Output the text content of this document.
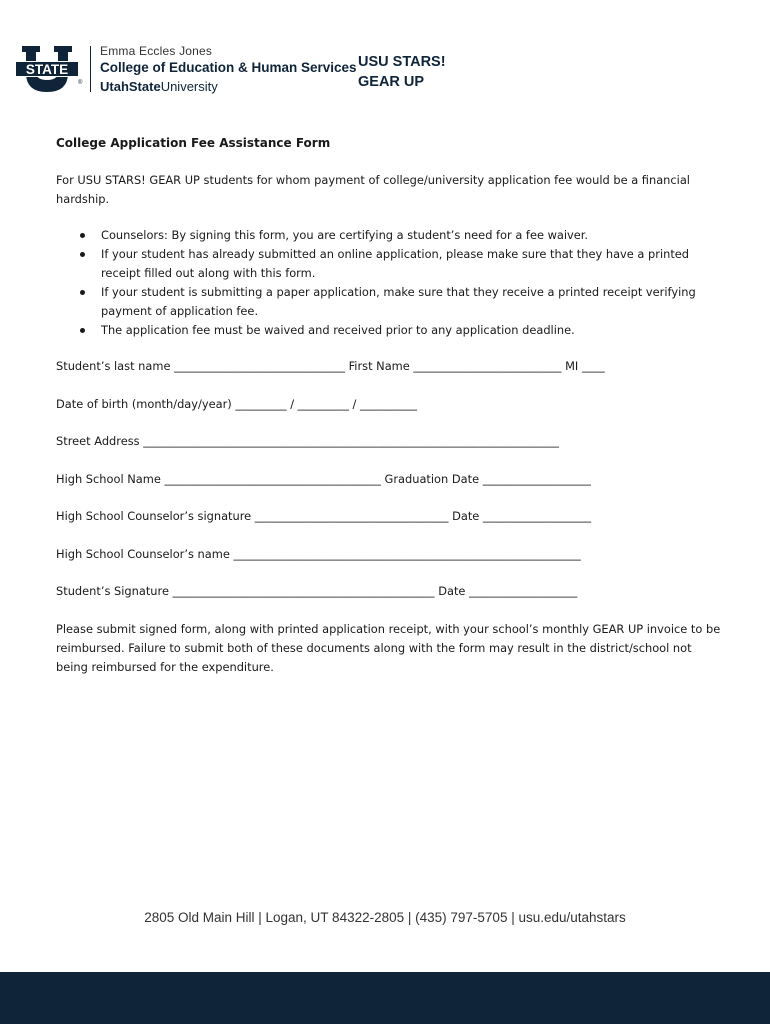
STATE
®
Emma Eccles Jones
College of Education & Human Services
UtahStateUniversity
USU STARS!
GEAR UP
College Application Fee Assistance Form
For USU STARS! GEAR UP students for whom payment of college/university application fee would be a financial hardship.
Counselors: By signing this form, you are certifying a student’s need for a fee waiver.
If your student has already submitted an online application, please make sure that they have a printed receipt filled out along with this form.
If your student is submitting a paper application, make sure that they receive a printed receipt verifying payment of application fee.
The application fee must be waived and received prior to any application deadline.
Student’s last name ______________________________ First Name __________________________ MI ____
Date of birth (month/day/year) _________ / _________ / __________
Street Address _________________________________________________________________________
High School Name ______________________________________ Graduation Date ___________________
High School Counselor’s signature __________________________________ Date ___________________
High School Counselor’s name _____________________________________________________________
Student’s Signature ______________________________________________ Date ___________________
Please submit signed form, along with printed application receipt, with your school’s monthly GEAR UP invoice to be reimbursed. Failure to submit both of these documents along with the form may result in the district/school not being reimbursed for the expenditure.
2805 Old Main Hill | Logan, UT 84322-2805 | (435) 797-5705 | usu.edu/utahstars
